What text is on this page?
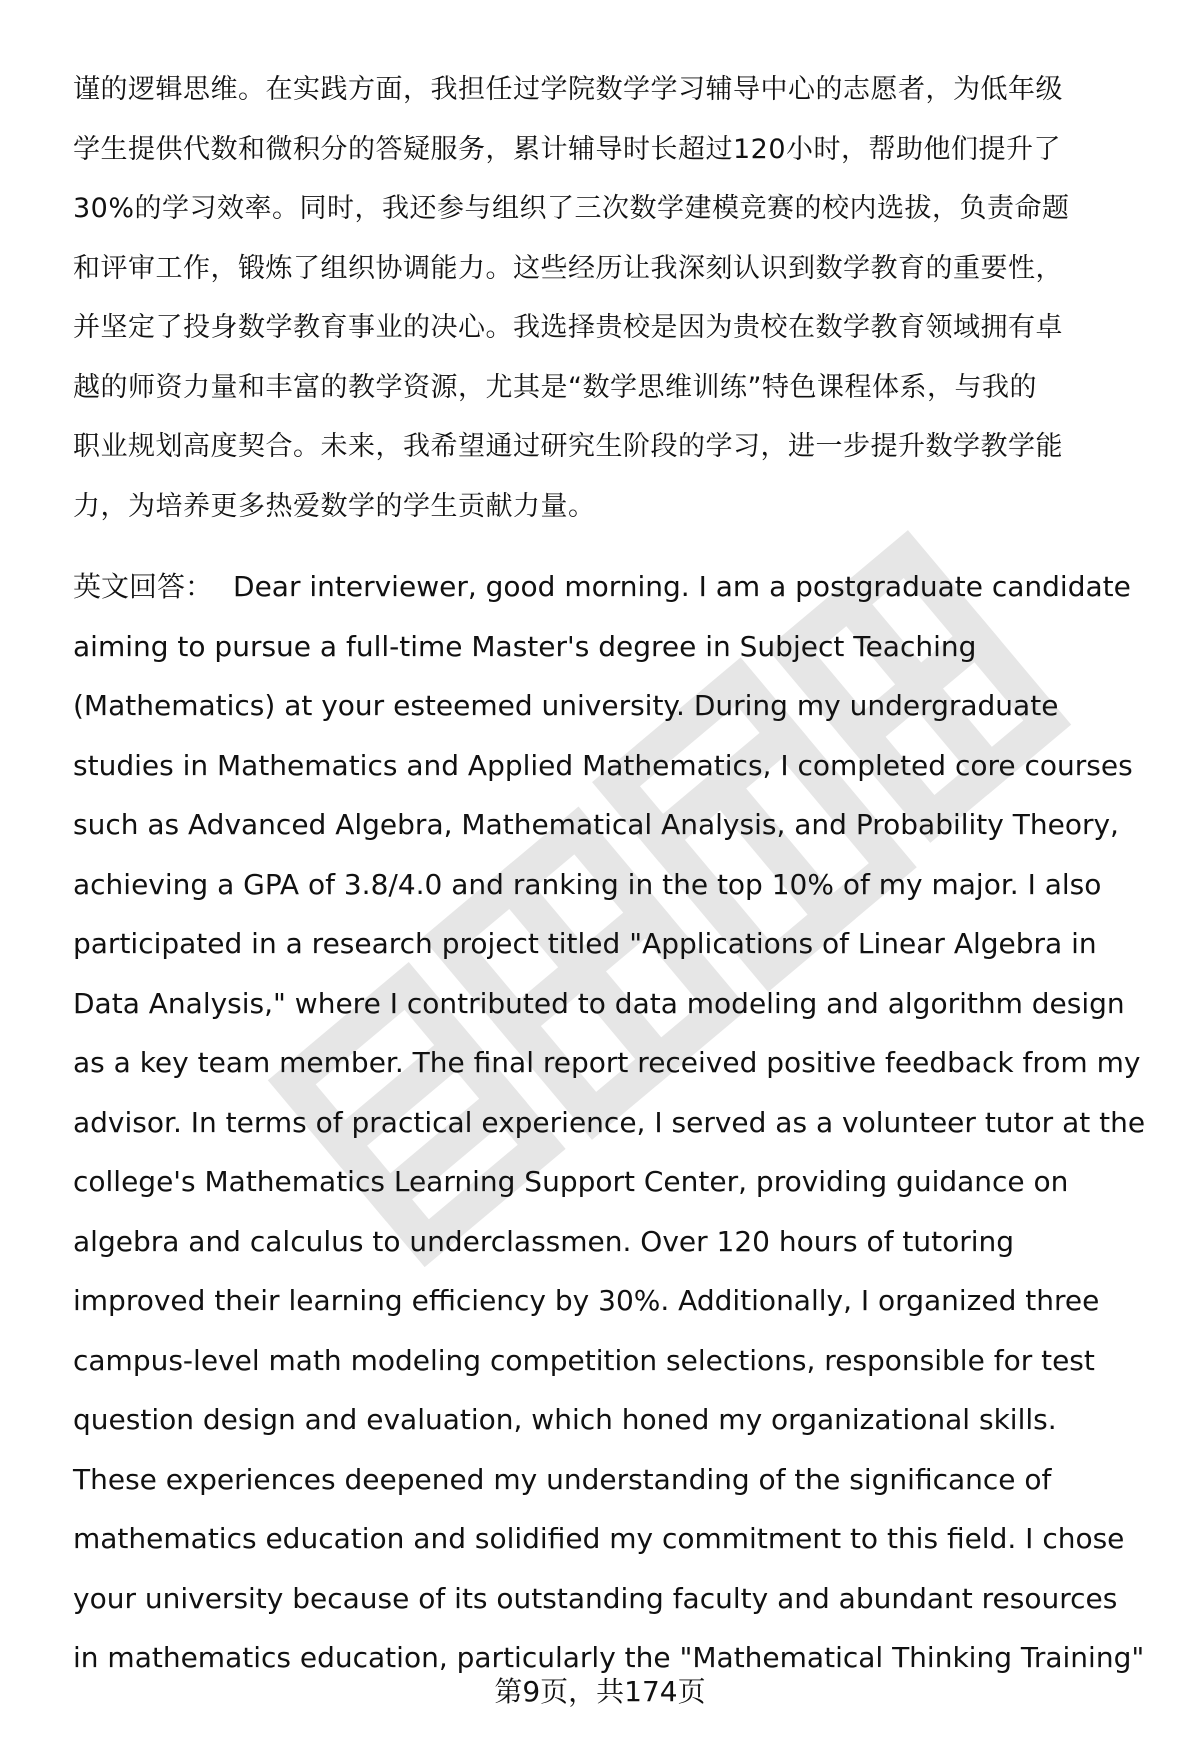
谨的逻辑思维。在实践方面，我担任过学院数学学习辅导中心的志愿者，为低年级
学生提供代数和微积分的答疑服务，累计辅导时长超过120小时，帮助他们提升了
30%的学习效率。同时，我还参与组织了三次数学建模竞赛的校内选拔，负责命题
和评审工作，锻炼了组织协调能力。这些经历让我深刻认识到数学教育的重要性，
并坚定了投身数学教育事业的决心。我选择贵校是因为贵校在数学教育领域拥有卓
越的师资力量和丰富的教学资源，尤其是“数学思维训练”特色课程体系，与我的
职业规划高度契合。未来，我希望通过研究生阶段的学习，进一步提升数学教学能
力，为培养更多热爱数学的学生贡献力量。
英文回答： Dear interviewer, good morning. I am a postgraduate candidate
aiming to pursue a full-time Master's degree in Subject Teaching
(Mathematics) at your esteemed university. During my undergraduate
studies in Mathematics and Applied Mathematics, I completed core courses
such as Advanced Algebra, Mathematical Analysis, and Probability Theory,
achieving a GPA of 3.8/4.0 and ranking in the top 10% of my major. I also
participated in a research project titled "Applications of Linear Algebra in
Data Analysis," where I contributed to data modeling and algorithm design
as a key team member. The final report received positive feedback from my
advisor. In terms of practical experience, I served as a volunteer tutor at the
college's Mathematics Learning Support Center, providing guidance on
algebra and calculus to underclassmen. Over 120 hours of tutoring
improved their learning efficiency by 30%. Additionally, I organized three
campus-level math modeling competition selections, responsible for test
question design and evaluation, which honed my organizational skills.
These experiences deepened my understanding of the significance of
mathematics education and solidified my commitment to this field. I chose
your university because of its outstanding faculty and abundant resources
in mathematics education, particularly the "Mathematical Thinking Training"
第9页，共174页
